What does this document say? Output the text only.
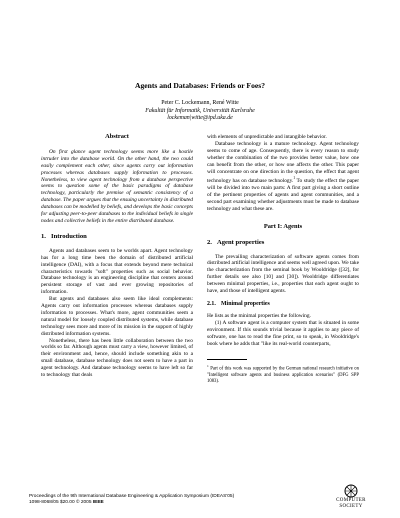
Agents and Databases: Friends or Foes?
Peter C. Lockemann, René Witte
Fakultät für Informatik, Universität Karlsruhe
lockeman|witte@ipd.uka.de
Abstract

On first glance agent technology seems more like a hostile intruder into the database world. On the other hand, the two could easily complement each other, since agents carry out information processes whereas databases supply information to processes. Nonetheless, to view agent technology from a database perspective seems to question some of the basic paradigms of database technology, particularly the premise of semantic consistency of a database. The paper argues that the ensuing uncertainty in distributed databases can be modelled by beliefs, and develops the basic concepts for adjusting peer-to-peer databases to the individual beliefs in single nodes and collective beliefs in the entire distributed database.

1. Introduction

Agents and databases seem to be worlds apart. Agent technology has for a long time been the domain of distributed artificial intelligence (DAI), with a focus that extends beyond mere technical characteristics towards "soft" properties such as social behavior. Database technology is an engineering discipline that centers around persistent storage of vast and ever growing repositories of information.

But agents and databases also seem like ideal complements: Agents carry out information processes whereas databases supply information to processes. What's more, agent communities seem a natural model for loosely coupled distributed systems, while database technology sees more and more of its mission in the support of highly distributed information systems.

Nonetheless, there has been little collaboration between the two worlds so far. Although agents must carry a view, however limited, of their environment and, hence, should include something akin to a small database, database technology does not seem to have a part in agent technology. And database technology seems to have left so far to technology that deals

with elements of unpredictable and intangible behavior.

Database technology is a mature technology. Agent technology seems to come of age. Consequently, there is every reason to study whether the combination of the two provides better value, how one can benefit from the other, or how one affects the other. This paper will concentrate on one direction in the question, the effect that agent technology has on database technology.$^1$ To study the effect the paper will be divided into two main parts: A first part giving a short outline of the pertinent properties of agents and agent communities, and a second part examining whether adjustments must be made to database technology and what these are.

Part I: Agents
2. Agent properties

The prevailing characterization of software agents comes from distributed artificial intelligence and seems well agreed upon. We take the characterization from the seminal book by Wooldridge ([32], for further details see also [10] and [30]). Wooldridge differentiates between minimal properties, i.e., properties that each agent ought to have, and those of intelligent agents.

2.1. Minimal properties

He lists as the minimal properties the following.

(1) A software agent is a computer system that is situated in some environment. If this sounds trivial because it applies to any piece of software, one has to read the fine print, so to speak, in Wooldridge's book where he adds that "like its real-world counterparts,

$^1$ Part of this work was supported by the German national research initiative on "Intelligent software agents and business application scenarios" (DFG SPP 1083).

Proceedings of the 9th International Database Engineering & Application Symposium (IDEAS'05)
1098-8068/05 $20.00 © 2005 IEEE	COMPUTER
SOCIETY
